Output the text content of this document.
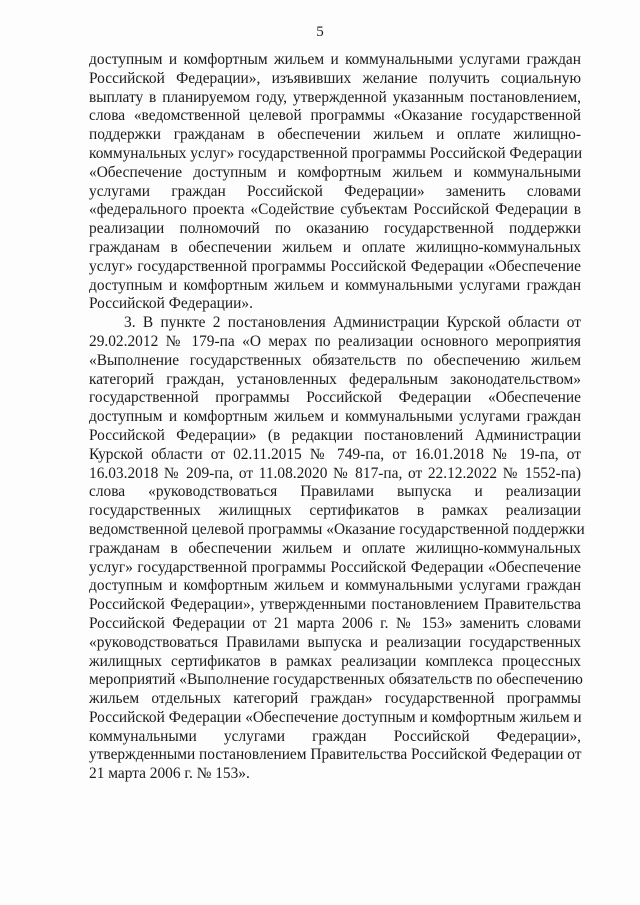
5

доступным и комфортным жильем и коммунальными услугами граждан
Российской Федерации», изъявивших желание получить социальную
выплату в планируемом году, утвержденной указанным постановлением,
слова «ведомственной целевой программы «Оказание государственной
поддержки гражданам в обеспечении жильем и оплате жилищно-
коммунальных услуг» государственной программы Российской Федерации
«Обеспечение доступным и комфортным жильем и коммунальными
услугами граждан Российской Федерации» заменить словами
«федерального проекта «Содействие субъектам Российской Федерации в
реализации полномочий по оказанию государственной поддержки
гражданам в обеспечении жильем и оплате жилищно-коммунальных
услуг» государственной программы Российской Федерации «Обеспечение
доступным и комфортным жильем и коммунальными услугами граждан
Российской Федерации».

3. В пункте 2 постановления Администрации Курской области от
29.02.2012 № 179-па «О мерах по реализации основного мероприятия
«Выполнение государственных обязательств по обеспечению жильем
категорий граждан, установленных федеральным законодательством»
государственной программы Российской Федерации «Обеспечение
доступным и комфортным жильем и коммунальными услугами граждан
Российской Федерации» (в редакции постановлений Администрации
Курской области от 02.11.2015 № 749-па, от 16.01.2018 № 19-па, от
16.03.2018 № 209-па, от 11.08.2020 № 817-па, от 22.12.2022 № 1552-па)
слова «руководствоваться Правилами выпуска и реализации
государственных жилищных сертификатов в рамках реализации
ведомственной целевой программы «Оказание государственной поддержки
гражданам в обеспечении жильем и оплате жилищно-коммунальных
услуг» государственной программы Российской Федерации «Обеспечение
доступным и комфортным жильем и коммунальными услугами граждан
Российской Федерации», утвержденными постановлением Правительства
Российской Федерации от 21 марта 2006 г. № 153» заменить словами
«руководствоваться Правилами выпуска и реализации государственных
жилищных сертификатов в рамках реализации комплекса процессных
мероприятий «Выполнение государственных обязательств по обеспечению
жильем отдельных категорий граждан» государственной программы
Российской Федерации «Обеспечение доступным и комфортным жильем и
коммунальными услугами граждан Российской Федерации»,
утвержденными постановлением Правительства Российской Федерации от
21 марта 2006 г. № 153».
